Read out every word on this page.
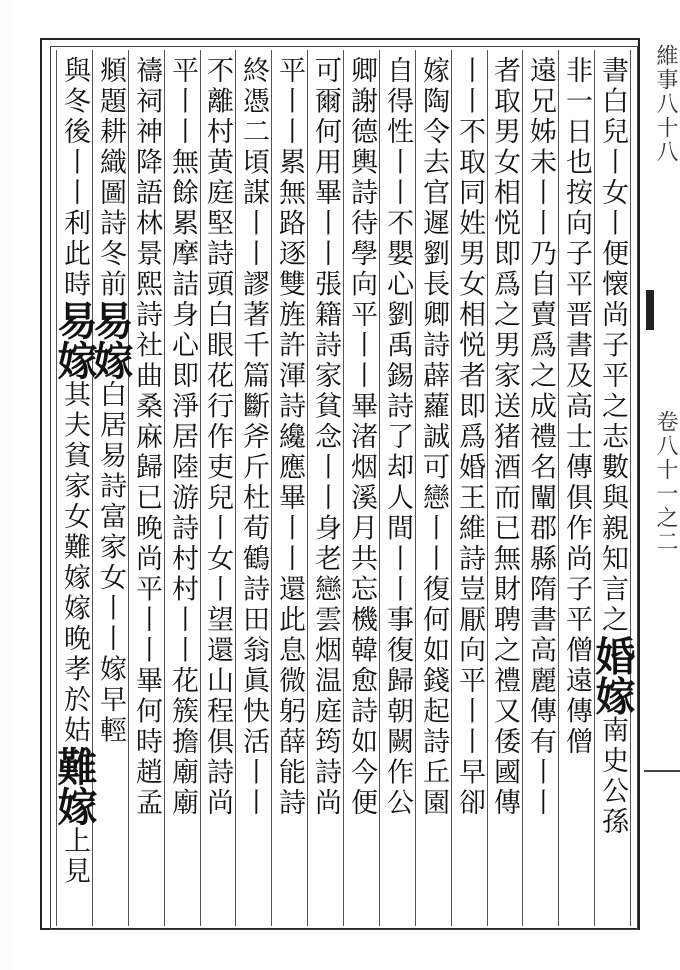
書白兒丨女丨便懐尚子平之志數與親知言之婚嫁南史公孫
非一日也按向子平晋書及高士傳俱作尚子平僧遠傳僧
遠兄姊未丨丨乃自賣爲之成禮名闡郡縣隋書高麗傳有丨丨
者取男女相悦即爲之男家送猪酒而已無財聘之禮又倭國傳
丨丨不取同姓男女相悦者即爲婚王維詩豈厭向平丨丨早卻
嫁陶令去官遲劉長卿詩薜蘿誠可戀丨丨復何如錢起詩丘園
自得性丨丨不嬰心劉禹錫詩了却人間丨丨事復歸朝闕作公
卿謝德輿詩待學向平丨丨畢渚烟溪月共忘機韓愈詩如今便
可爾何用畢丨丨張籍詩家貧念丨丨身老戀雲烟温庭筠詩尚
平丨丨累無路逐雙旌許渾詩纔應畢丨丨還此息微躬薛能詩
終憑二頃謀丨丨謬著千篇斷斧斤杜荀鶴詩田翁眞快活丨丨
不離村黄庭堅詩頭白眼花行作吏兒丨女丨望還山程俱詩尚
平丨丨無餘累摩詰身心即淨居陸游詩村村丨丨花簇擔廟廟
禱祠神降語林景熙詩社曲桑麻歸已晚尚平丨丨畢何時趙孟
頫題耕織圖詩冬前易嫁白居易詩富家女丨丨嫁早輕
與冬後丨丨利此時易嫁其夫貧家女難嫁嫁晚孝於姑難嫁上見
維事八十八
卷八十一之二
